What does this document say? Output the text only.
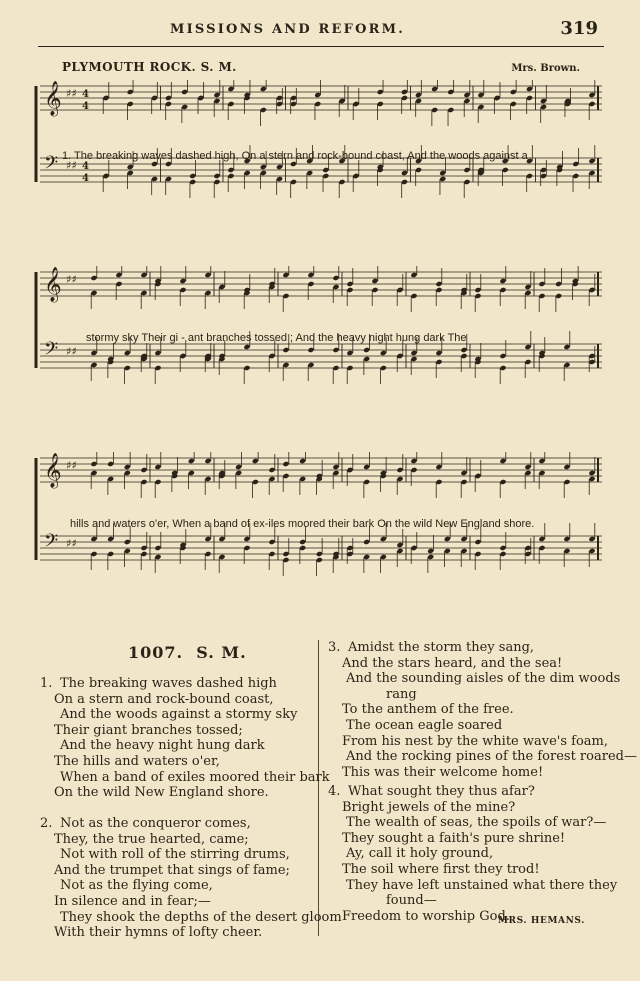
MISSIONS AND REFORM.	319
PLYMOUTH ROCK. S. M.	Mrs. Brown.
𝄞 ♯♯ 4
4
𝄢 ♯♯ 4
4
1. The breaking waves dashed high, On a stern and rock-bound coast, And the woods against a
𝄞 ♯♯
𝄢 ♯♯
stormy sky Their gi - ant branches tossed ; And the heavy night hung dark The
𝄞 ♯♯
𝄢 ♯♯
hills and waters o'er, When a band of ex-iles moored their bark On the wild New England shore.
1007. S. M.
1. The breaking waves dashed high
On a stern and rock-bound coast,
And the woods against a stormy sky
Their giant branches tossed;
And the heavy night hung dark
The hills and waters o'er,
When a band of exiles moored their bark
On the wild New England shore.
2. Not as the conqueror comes,
They, the true hearted, came;
Not with roll of the stirring drums,
And the trumpet that sings of fame;
Not as the flying come,
In silence and in fear;—
They shook the depths of the desert gloom
With their hymns of lofty cheer.
3. Amidst the storm they sang,
And the stars heard, and the sea!
And the sounding aisles of the dim woods
rang
To the anthem of the free.
The ocean eagle soared
From his nest by the white wave's foam,
And the rocking pines of the forest roared—
This was their welcome home!
4. What sought they thus afar?
Bright jewels of the mine?
The wealth of seas, the spoils of war?—
They sought a faith's pure shrine!
Ay, call it holy ground,
The soil where first they trod!
They have left unstained what there they
found—
Freedom to worship God.
MRS. HEMANS.
